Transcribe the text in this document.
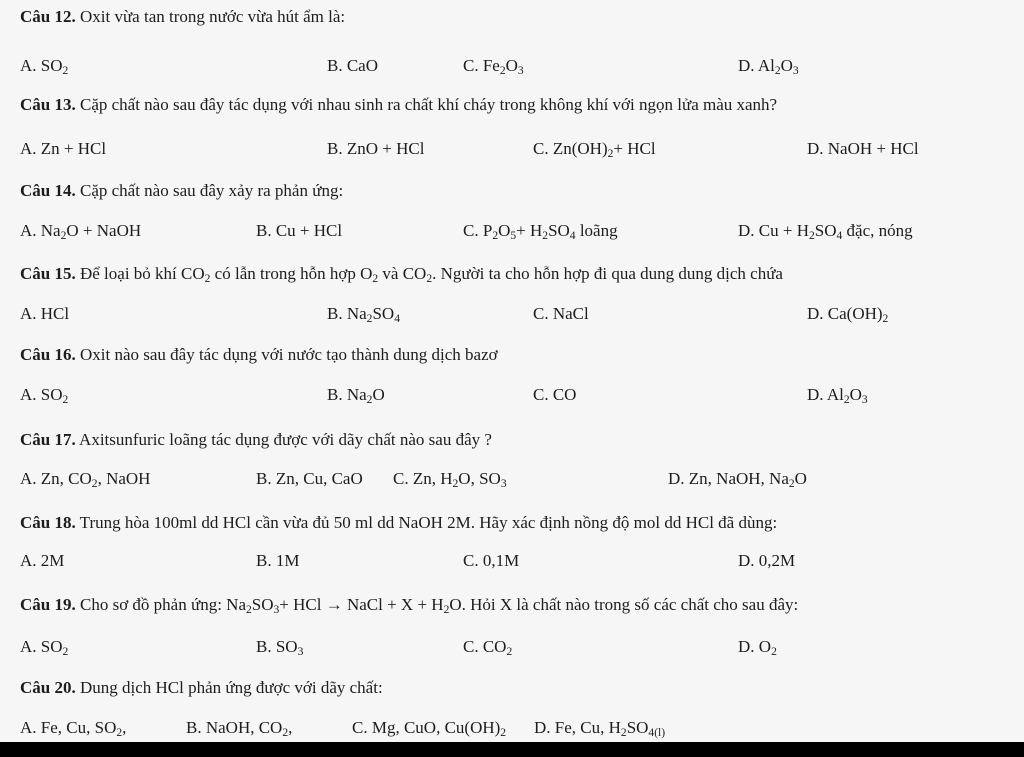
Câu 12. Oxit vừa tan trong nước vừa hút ẩm là:
A. $SO_2$	B. CaO	C. $Fe_2O_3$	D. $Al_2O_3$
Câu 13. Cặp chất nào sau đây tác dụng với nhau sinh ra chất khí cháy trong không khí với ngọn lửa màu xanh?
A. Zn + HCl	B. ZnO + HCl	C. $Zn(OH)_2+$ HCl	D. NaOH + HCl
Câu 14. Cặp chất nào sau đây xảy ra phản ứng:
A. $Na_2O$ + NaOH	B. Cu + HCl	C. $P_2O_5+ H_2SO_4$ loãng	D. $Cu + H_2SO_4$ đặc, nóng
Câu 15. Để loại bỏ khí $CO_2$ có lẫn trong hỗn hợp $O_2$ và $CO_2$. Người ta cho hỗn hợp đi qua dung dung dịch chứa
A. HCl	B. $Na_2SO_4$	C. NaCl	D. $Ca(OH)_2$
Câu 16. Oxit nào sau đây tác dụng với nước tạo thành dung dịch bazơ
A. $SO_2$	B. $Na_2O$	C. CO	D. $Al_2O_3$
Câu 17. Axitsunfuric loãng tác dụng được với dãy chất nào sau đây ?
A. Zn, $CO_2$, NaOH	B. Zn, Cu, CaO C. Zn, $H_2O$, $SO_3$	D. Zn, NaOH, $Na_2O$
Câu 18. Trung hòa 100ml dd HCl cần vừa đủ 50 ml dd NaOH 2M. Hãy xác định nồng độ mol dd HCl đã dùng:
A. 2M	B. 1M	C. 0,1M	D. 0,2M
Câu 19. Cho sơ đồ phản ứng: $Na_2SO_3+$ HCl → NaCl + $X + H_2O$. Hỏi X là chất nào trong số các chất cho sau đây:
A. $SO_2$	B. $SO_3$	C. $CO_2$	D. $O_2$
Câu 20. Dung dịch HCl phản ứng được với dãy chất:
A. Fe, Cu, $SO_2$,	B. NaOH, $CO_2$,	C. Mg, CuO, $Cu(OH)_2$ D. Fe, Cu, $H_2SO_{4(l)}$
